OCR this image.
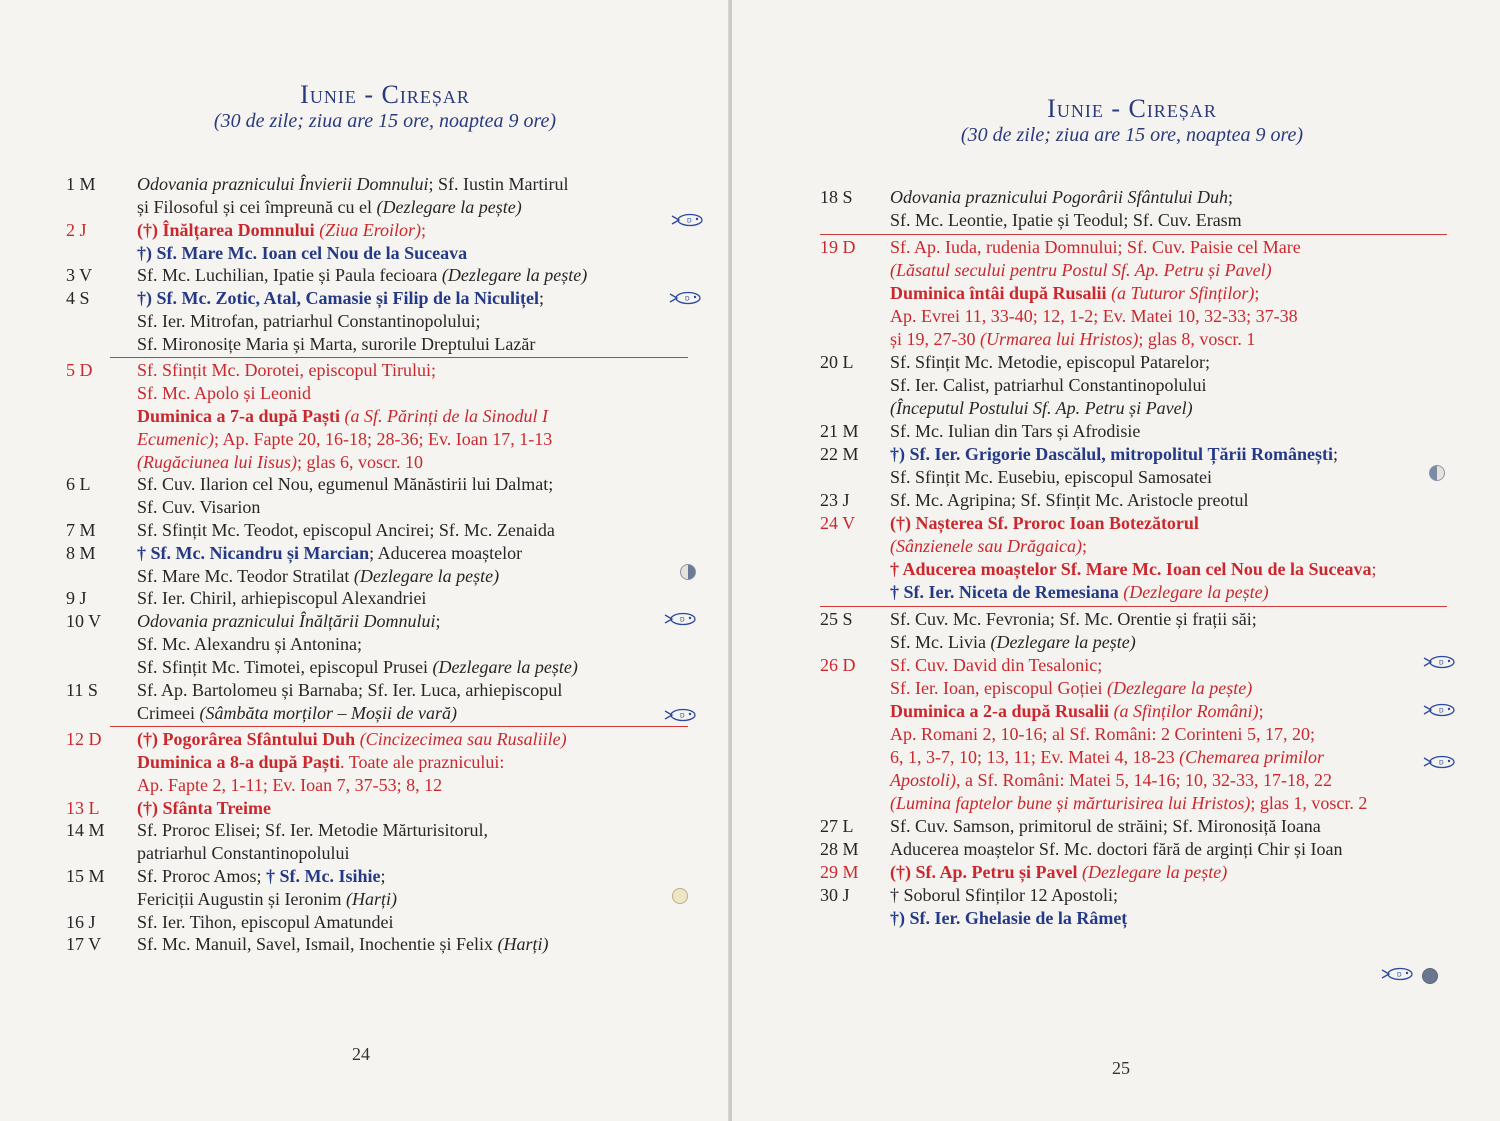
Iunie - Cireșar
(30 de zile; ziua are 15 ore, noaptea 9 ore)
1 M Odovania praznicului Învierii Domnului; Sf. Iustin Martirul
și Filosoful și cei împreună cu el (Dezlegare la pește)
2 J	(†) Înălțarea Domnului (Ziua Eroilor);
†) Sf. Mare Mc. Ioan cel Nou de la Suceava
3 V Sf. Mc. Luchilian, Ipatie și Paula fecioara (Dezlegare la pește)
4 S	†) Sf. Mc. Zotic, Atal, Camasie și Filip de la Niculițel;
Sf. Ier. Mitrofan, patriarhul Constantinopolului;
Sf. Mironosițe Maria și Marta, surorile Dreptului Lazăr
5 D Sf. Sfințit Mc. Dorotei, episcopul Tirului;
Sf. Mc. Apolo și Leonid
Duminica a 7-a după Paști (a Sf. Părinți de la Sinodul I
Ecumenic); Ap. Fapte 20, 16-18; 28-36; Ev. Ioan 17, 1-13
(Rugăciunea lui Iisus); glas 6, voscr. 10
6 L	Sf. Cuv. Ilarion cel Nou, egumenul Mănăstirii lui Dalmat;
Sf. Cuv. Visarion
7 M Sf. Sfințit Mc. Teodot, episcopul Ancirei; Sf. Mc. Zenaida
8 M † Sf. Mc. Nicandru și Marcian; Aducerea moaștelor
Sf. Mare Mc. Teodor Stratilat (Dezlegare la pește)
9 J	Sf. Ier. Chiril, arhiepiscopul Alexandriei
10 V Odovania praznicului Înălțării Domnului;
Sf. Mc. Alexandru și Antonina;
Sf. Sfințit Mc. Timotei, episcopul Prusei (Dezlegare la pește)
11 S Sf. Ap. Bartolomeu și Barnaba; Sf. Ier. Luca, arhiepiscopul
Crimeei (Sâmbăta morților – Moșii de vară)
12 D (†) Pogorârea Sfântului Duh (Cincizecimea sau Rusaliile)
Duminica a 8-a după Paști. Toate ale praznicului:
Ap. Fapte 2, 1-11; Ev. Ioan 7, 37-53; 8, 12
13 L (†) Sfânta Treime
14 M Sf. Proroc Elisei; Sf. Ier. Metodie Mărturisitorul,
patriarhul Constantinopolului
15 M Sf. Proroc Amos; † Sf. Mc. Isihie;
Fericiții Augustin și Ieronim (Harți)
16 J Sf. Ier. Tihon, episcopul Amatundei
17 V Sf. Mc. Manuil, Savel, Ismail, Inochentie și Felix (Harți)
24
D
D
D
D
Iunie - Cireșar
(30 de zile; ziua are 15 ore, noaptea 9 ore)
18 S Odovania praznicului Pogorârii Sfântului Duh;
Sf. Mc. Leontie, Ipatie și Teodul; Sf. Cuv. Erasm
19 D Sf. Ap. Iuda, rudenia Domnului; Sf. Cuv. Paisie cel Mare
(Lăsatul secului pentru Postul Sf. Ap. Petru și Pavel)
Duminica întâi după Rusalii (a Tuturor Sfinților);
Ap. Evrei 11, 33-40; 12, 1-2; Ev. Matei 10, 32-33; 37-38
și 19, 27-30 (Urmarea lui Hristos); glas 8, voscr. 1
20 L Sf. Sfințit Mc. Metodie, episcopul Patarelor;
Sf. Ier. Calist, patriarhul Constantinopolului
(Începutul Postului Sf. Ap. Petru și Pavel)
21 M Sf. Mc. Iulian din Tars și Afrodisie
22 M †) Sf. Ier. Grigorie Dascălul, mitropolitul Țării Românești;
Sf. Sfințit Mc. Eusebiu, episcopul Samosatei
23 J Sf. Mc. Agripina; Sf. Sfințit Mc. Aristocle preotul
24 V (†) Nașterea Sf. Proroc Ioan Botezătorul
(Sânzienele sau Drăgaica);
† Aducerea moaștelor Sf. Mare Mc. Ioan cel Nou de la Suceava;
† Sf. Ier. Niceta de Remesiana (Dezlegare la pește)
25 S Sf. Cuv. Mc. Fevronia; Sf. Mc. Orentie și frații săi;
Sf. Mc. Livia (Dezlegare la pește)
26 D Sf. Cuv. David din Tesalonic;
Sf. Ier. Ioan, episcopul Goției (Dezlegare la pește)
Duminica a 2-a după Rusalii (a Sfinților Români);
Ap. Romani 2, 10-16; al Sf. Români: 2 Corinteni 5, 17, 20;
6, 1, 3-7, 10; 13, 11; Ev. Matei 4, 18-23 (Chemarea primilor
Apostoli), a Sf. Români: Matei 5, 14-16; 10, 32-33, 17-18, 22
(Lumina faptelor bune și mărturisirea lui Hristos); glas 1, voscr. 2
27 L Sf. Cuv. Samson, primitorul de străini; Sf. Mironosiță Ioana
28 M Aducerea moaștelor Sf. Mc. doctori fără de arginți Chir și Ioan
29 M (†) Sf. Ap. Petru și Pavel (Dezlegare la pește)
30 J † Soborul Sfinților 12 Apostoli;
†) Sf. Ier. Ghelasie de la Râmeț
25
D
D
D
D
